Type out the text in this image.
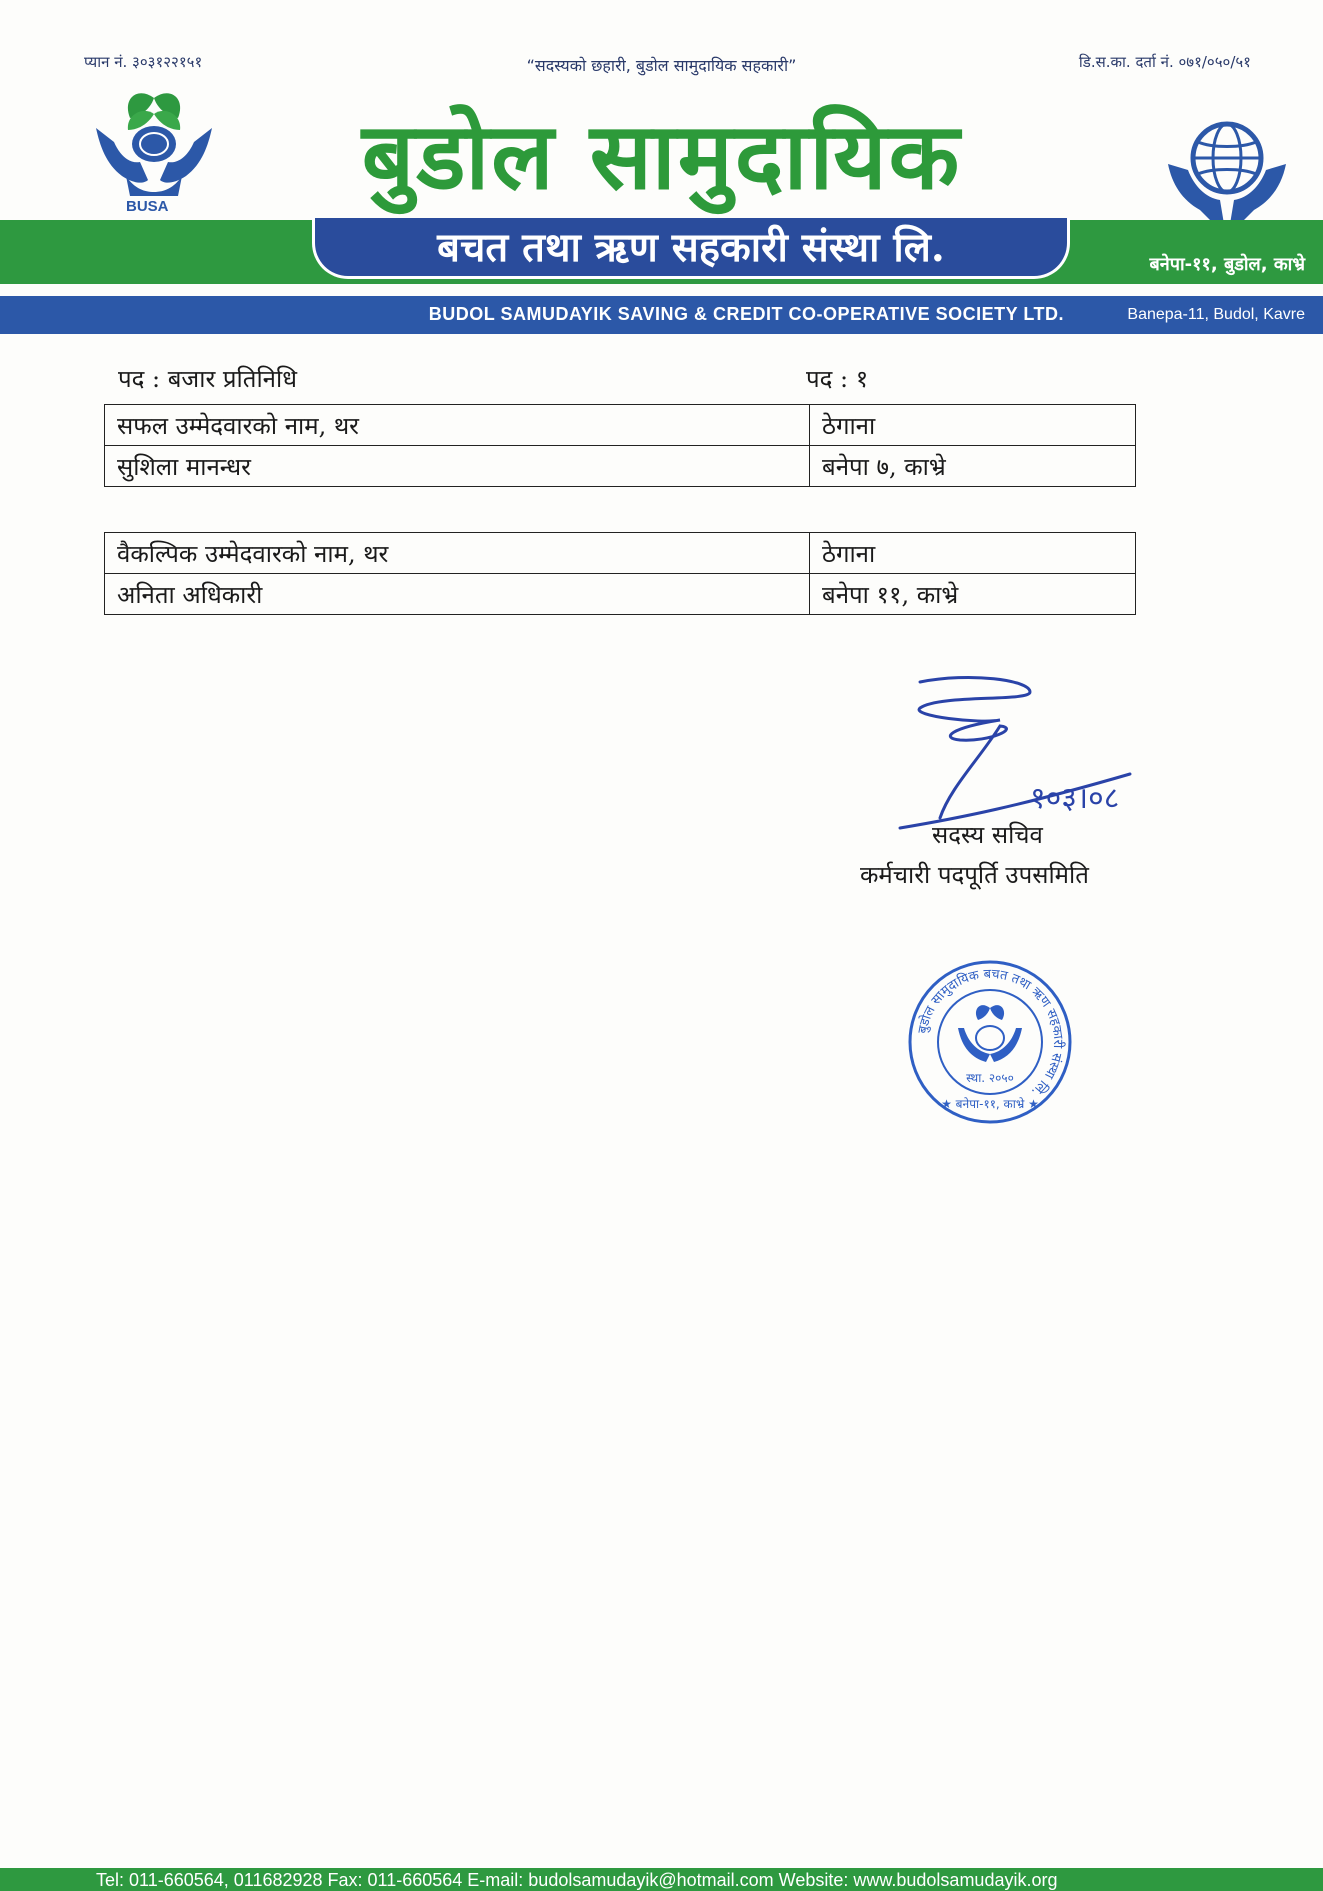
प्यान नं. ३०३१२२१५१	“सदस्यको छहारी, बुडोल सामुदायिक सहकारी”	डि.स.का. दर्ता नं. ०७१/०५०/५१
BUSA	बुडोल सामुदायिक
बचत तथा ऋण सहकारी संस्था लि.	बनेपा-११, बुडोल, काभ्रे
BUDOL SAMUDAYIK SAVING & CREDIT CO-OPERATIVE SOCIETY LTD.	Banepa-11, Budol, Kavre
पद : बजार प्रतिनिधि	पद : १
सफल उम्मेदवारको नाम, थर	ठेगाना
सुशिला मानन्धर	बनेपा ७, काभ्रे
वैकल्पिक उम्मेदवारको नाम, थर	ठेगाना
अनिता अधिकारी	बनेपा ११, काभ्रे
१०३।०८
सदस्य सचिव
कर्मचारी पदपूर्ति उपसमिति
बुडोल सामुदायिक बचत तथा ऋण सहकारी संस्था लि.
स्था. २०५०
★ बनेपा-११, काभ्रे ★
Tel: 011-660564, 011682928 Fax: 011-660564 E-mail: budolsamudayik@hotmail.com Website: www.budolsamudayik.org
